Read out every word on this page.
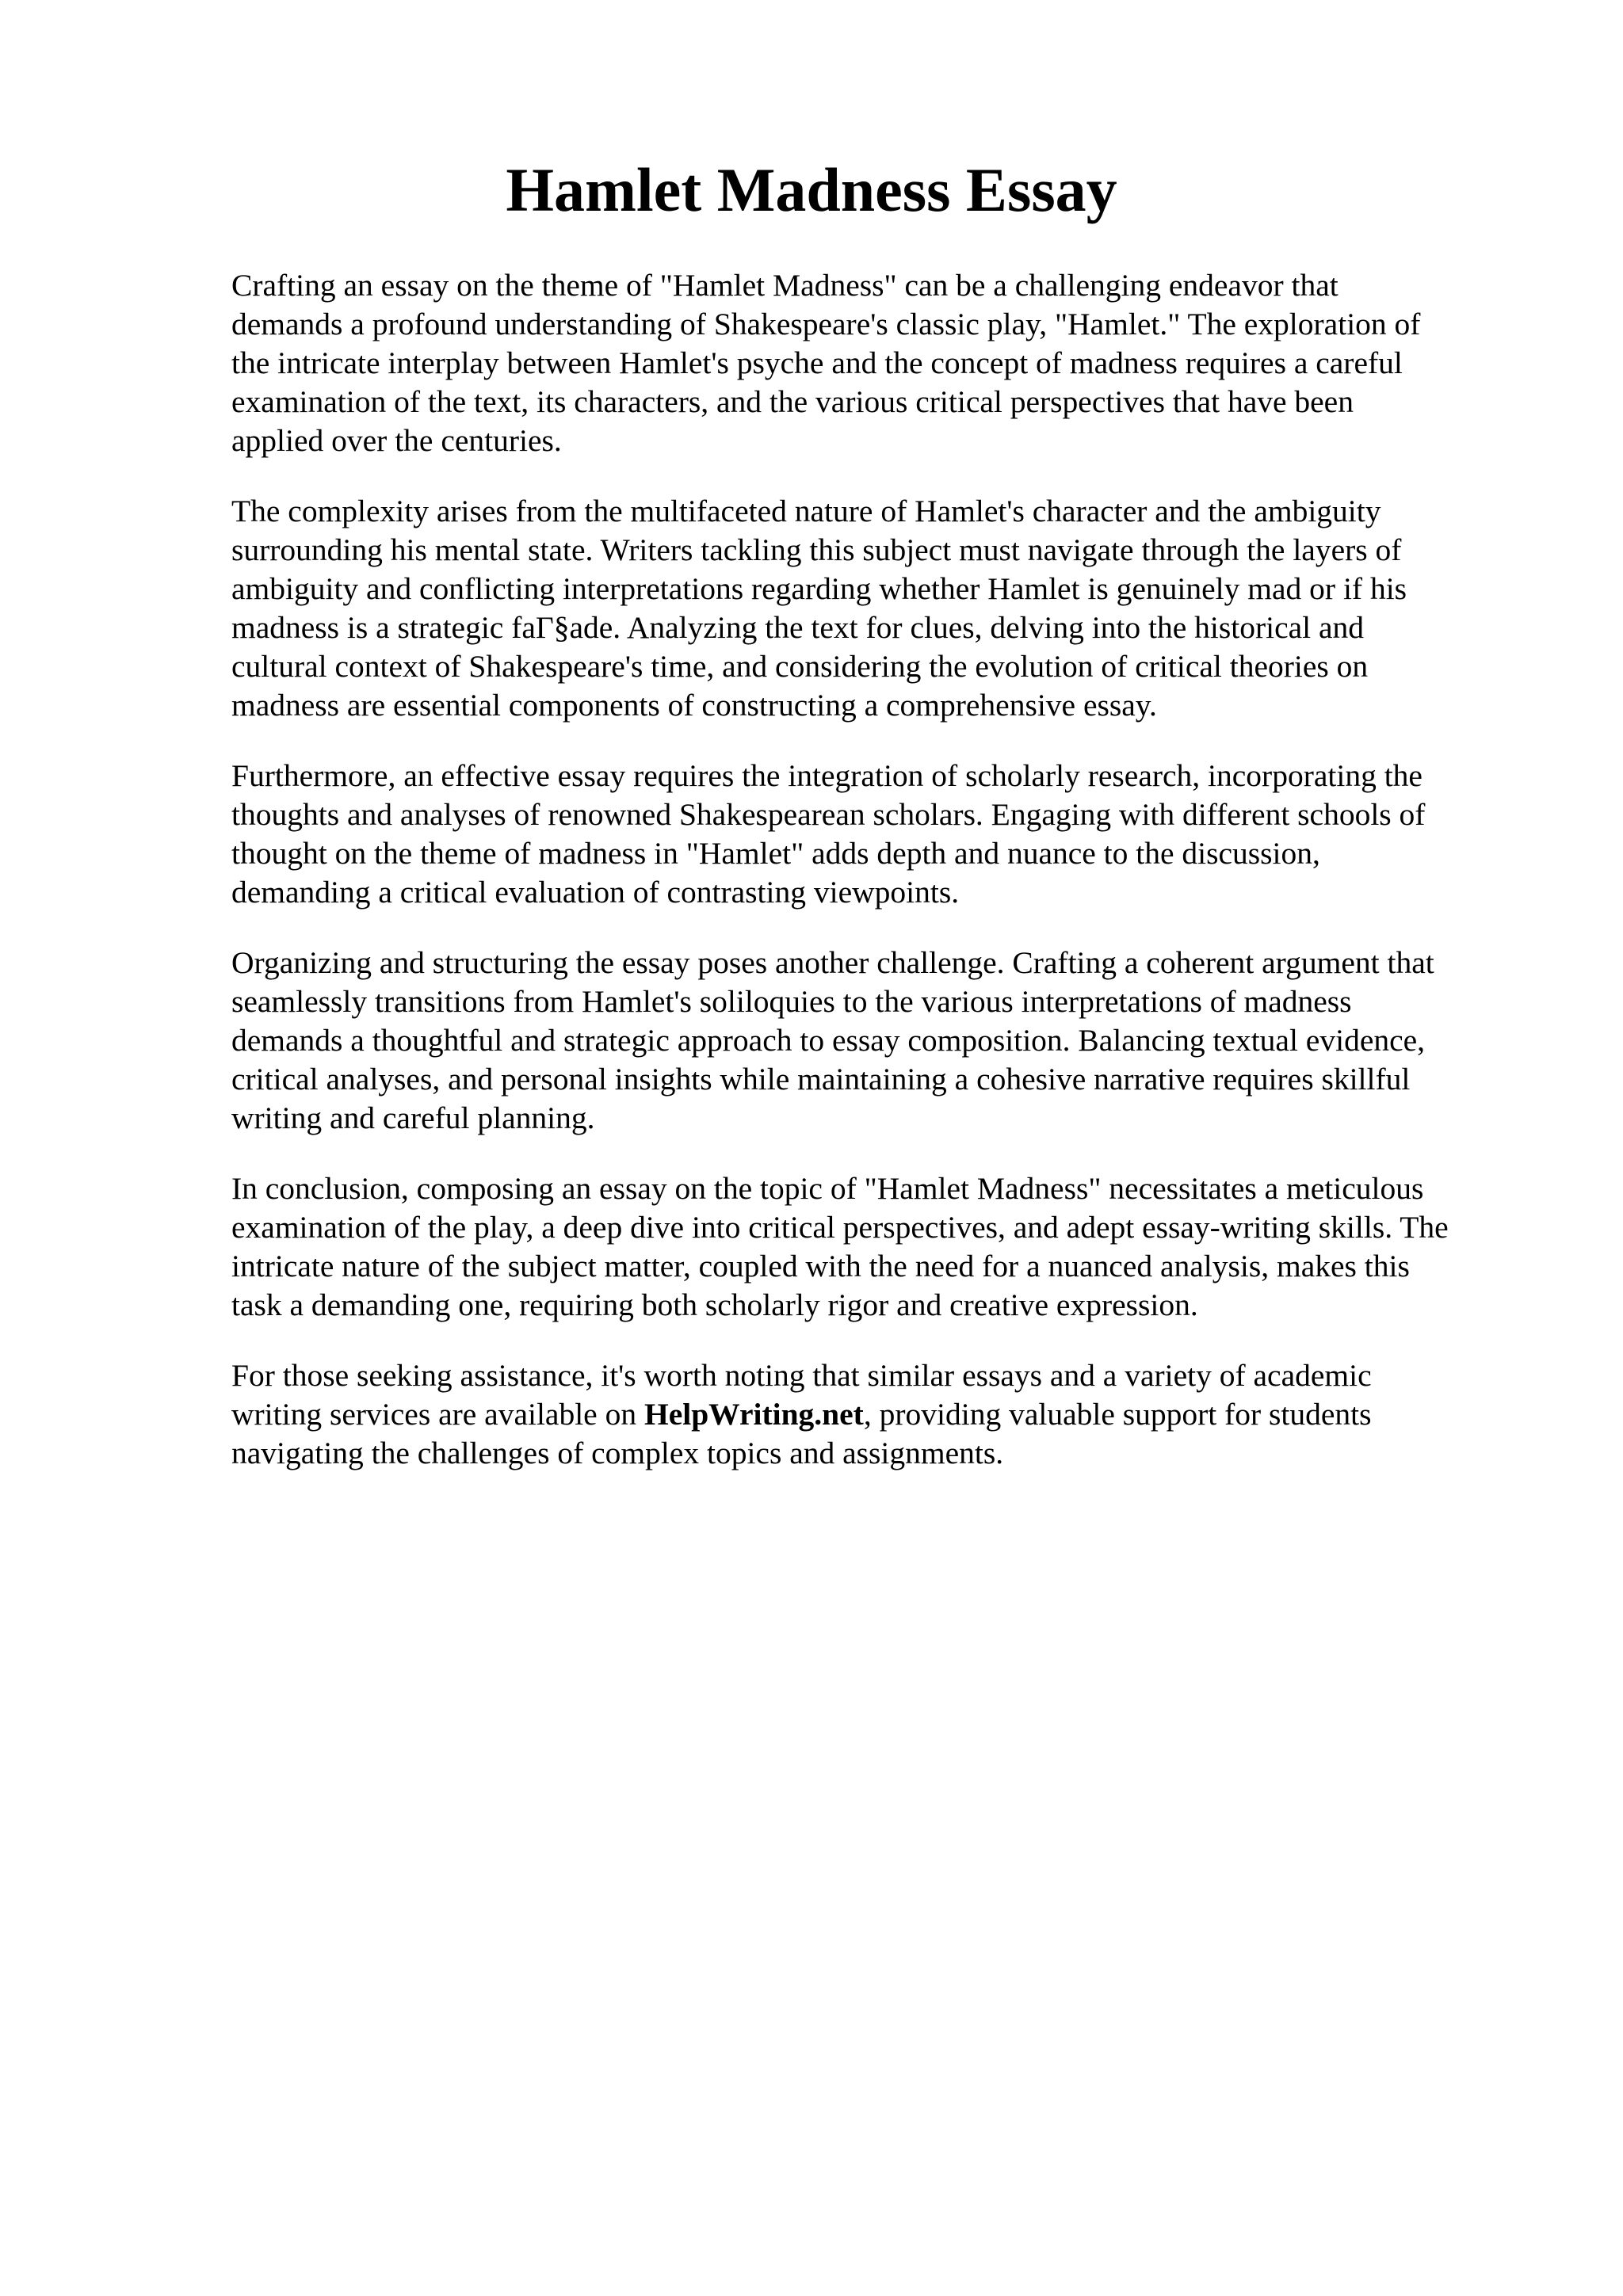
Hamlet Madness Essay

Crafting an essay on the theme of "Hamlet Madness" can be a challenging endeavor that
demands a profound understanding of Shakespeare's classic play, "Hamlet." The exploration of
the intricate interplay between Hamlet's psyche and the concept of madness requires a careful
examination of the text, its characters, and the various critical perspectives that have been
applied over the centuries.

The complexity arises from the multifaceted nature of Hamlet's character and the ambiguity
surrounding his mental state. Writers tackling this subject must navigate through the layers of
ambiguity and conflicting interpretations regarding whether Hamlet is genuinely mad or if his
madness is a strategic faГ§ade. Analyzing the text for clues, delving into the historical and
cultural context of Shakespeare's time, and considering the evolution of critical theories on
madness are essential components of constructing a comprehensive essay.

Furthermore, an effective essay requires the integration of scholarly research, incorporating the
thoughts and analyses of renowned Shakespearean scholars. Engaging with different schools of
thought on the theme of madness in "Hamlet" adds depth and nuance to the discussion,
demanding a critical evaluation of contrasting viewpoints.

Organizing and structuring the essay poses another challenge. Crafting a coherent argument that
seamlessly transitions from Hamlet's soliloquies to the various interpretations of madness
demands a thoughtful and strategic approach to essay composition. Balancing textual evidence,
critical analyses, and personal insights while maintaining a cohesive narrative requires skillful
writing and careful planning.

In conclusion, composing an essay on the topic of "Hamlet Madness" necessitates a meticulous
examination of the play, a deep dive into critical perspectives, and adept essay-writing skills. The
intricate nature of the subject matter, coupled with the need for a nuanced analysis, makes this
task a demanding one, requiring both scholarly rigor and creative expression.

For those seeking assistance, it's worth noting that similar essays and a variety of academic
writing services are available on HelpWriting.net, providing valuable support for students
navigating the challenges of complex topics and assignments.
